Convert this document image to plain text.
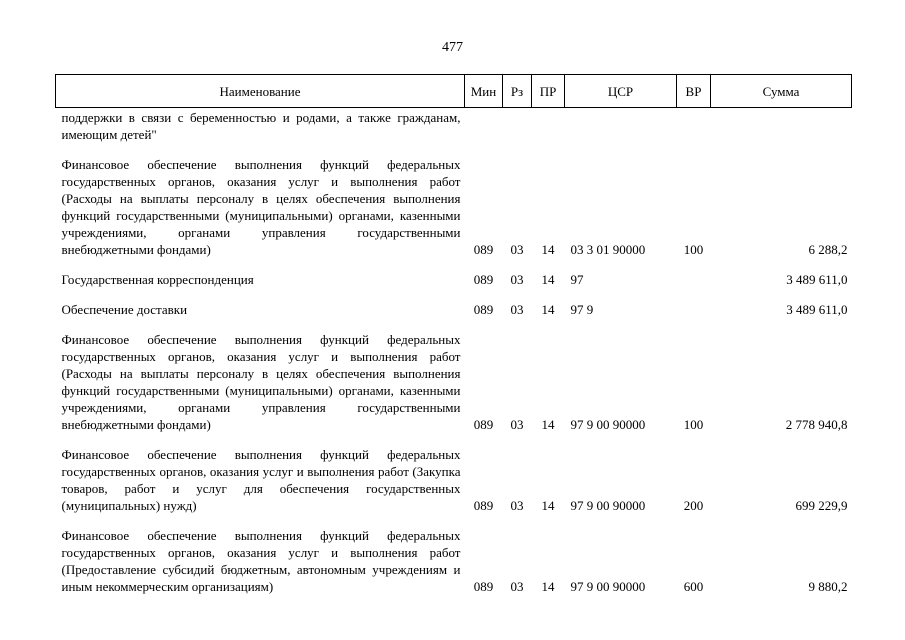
477
Наименование	Мин	Рз	ПР	ЦСР	ВР	Сумма
поддержки в связи с беременностью и родами, а также гражданам, имеющим детей"						
Финансовое обеспечение выполнения функций федеральных государственных органов, оказания услуг и выполнения работ (Расходы на выплаты персоналу в целях обеспечения выполнения функций государственными (муниципальными) органами, казенными учреждениями, органами управления государственными внебюджетными фондами)	089	03	14	03 3 01 90000	100	6 288,2
Государственная корреспонденция	089	03	14	97		3 489 611,0
Обеспечение доставки	089	03	14	97 9		3 489 611,0
Финансовое обеспечение выполнения функций федеральных государственных органов, оказания услуг и выполнения работ (Расходы на выплаты персоналу в целях обеспечения выполнения функций государственными (муниципальными) органами, казенными учреждениями, органами управления государственными внебюджетными фондами)	089	03	14	97 9 00 90000	100	2 778 940,8
Финансовое обеспечение выполнения функций федеральных государственных органов, оказания услуг и выполнения работ (Закупка товаров, работ и услуг для обеспечения государственных (муниципальных) нужд)	089	03	14	97 9 00 90000	200	699 229,9
Финансовое обеспечение выполнения функций федеральных государственных органов, оказания услуг и выполнения работ (Предоставление субсидий бюджетным, автономным учреждениям и иным некоммерческим организациям)	089	03	14	97 9 00 90000	600	9 880,2
